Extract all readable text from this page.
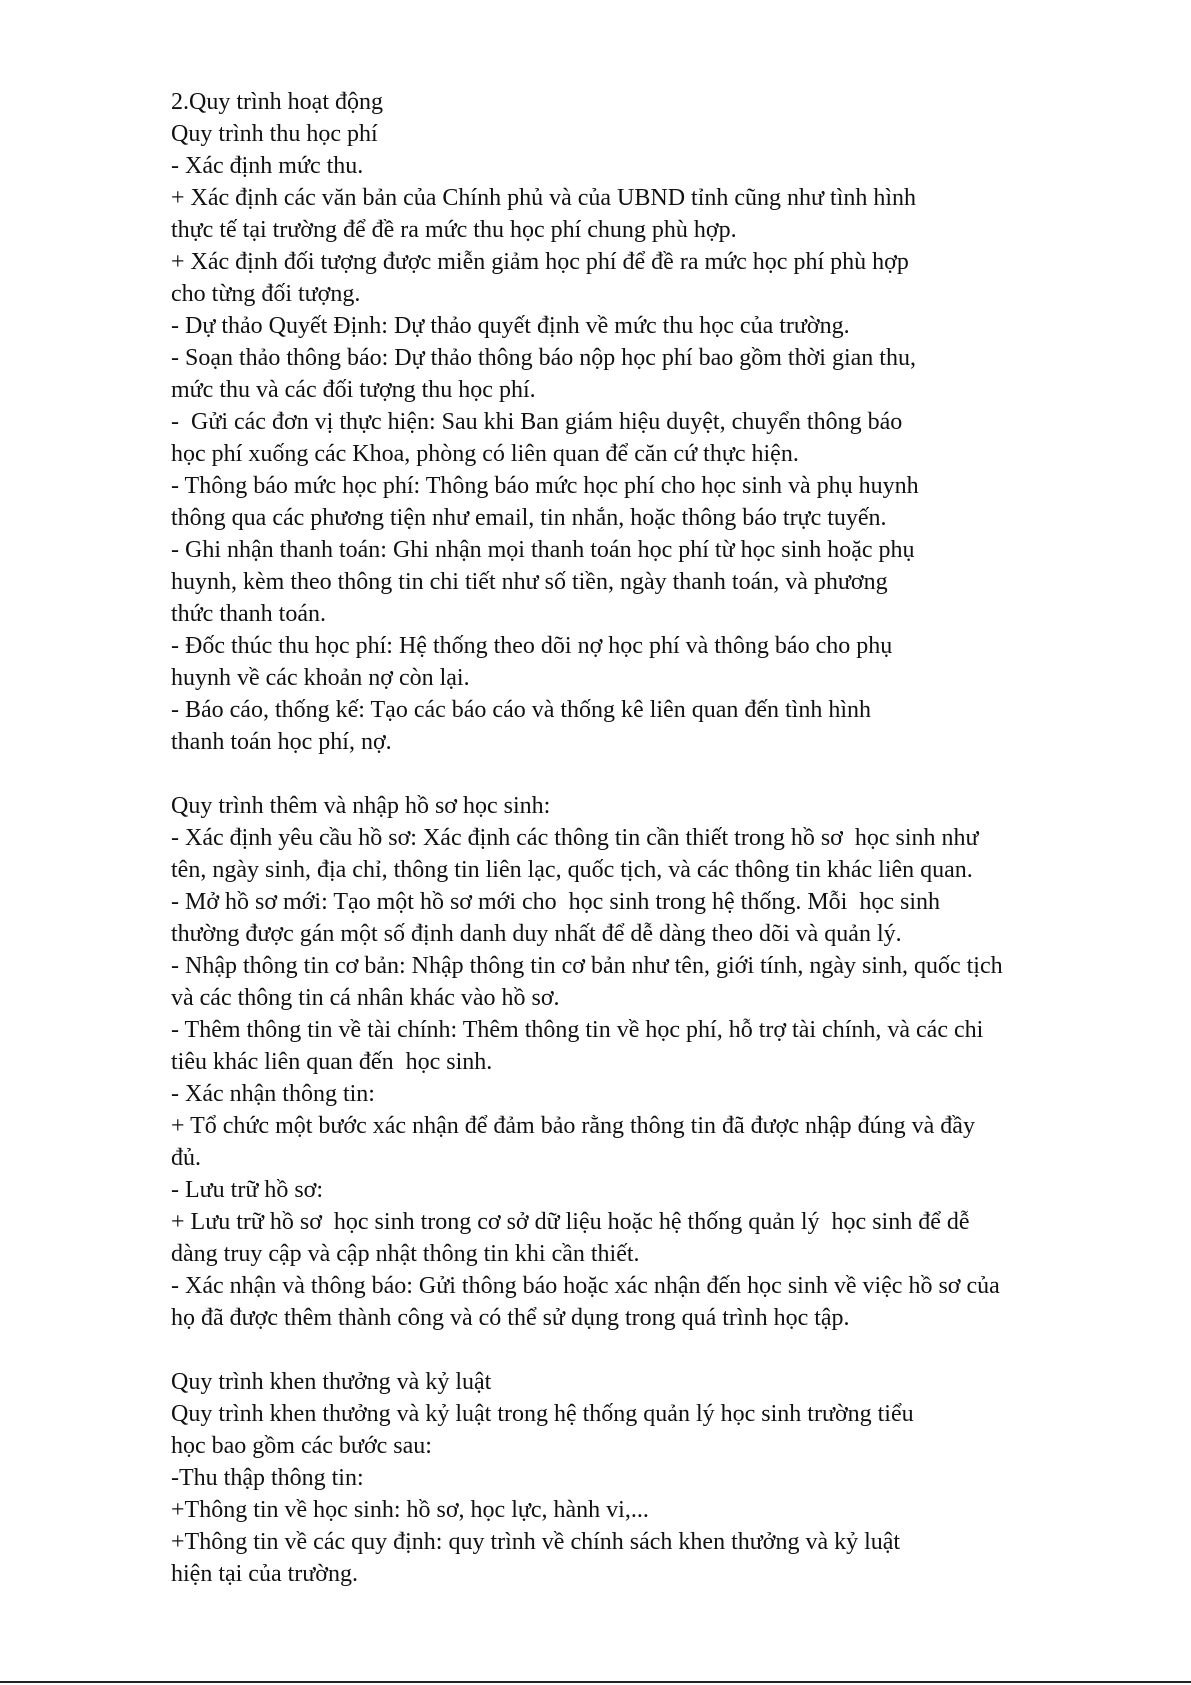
2.Quy trình hoạt động
Quy trình thu học phí
- Xác định mức thu.
+ Xác định các văn bản của Chính phủ và của UBND tỉnh cũng như tình hình
thực tế tại trường để đề ra mức thu học phí chung phù hợp.
+ Xác định đối tượng được miễn giảm học phí để đề ra mức học phí phù hợp
cho từng đối tượng.
- Dự thảo Quyết Định: Dự thảo quyết định về mức thu học của trường.
- Soạn thảo thông báo: Dự thảo thông báo nộp học phí bao gồm thời gian thu,
mức thu và các đối tượng thu học phí.
-  Gửi các đơn vị thực hiện: Sau khi Ban giám hiệu duyệt, chuyển thông báo
học phí xuống các Khoa, phòng có liên quan để căn cứ thực hiện.
- Thông báo mức học phí: Thông báo mức học phí cho học sinh và phụ huynh
thông qua các phương tiện như email, tin nhắn, hoặc thông báo trực tuyến.
- Ghi nhận thanh toán: Ghi nhận mọi thanh toán học phí từ học sinh hoặc phụ
huynh, kèm theo thông tin chi tiết như số tiền, ngày thanh toán, và phương
thức thanh toán.
- Đốc thúc thu học phí: Hệ thống theo dõi nợ học phí và thông báo cho phụ
huynh về các khoản nợ còn lại.
- Báo cáo, thống kế: Tạo các báo cáo và thống kê liên quan đến tình hình
thanh toán học phí, nợ.
Quy trình thêm và nhập hồ sơ học sinh:
- Xác định yêu cầu hồ sơ: Xác định các thông tin cần thiết trong hồ sơ  học sinh như
tên, ngày sinh, địa chỉ, thông tin liên lạc, quốc tịch, và các thông tin khác liên quan.
- Mở hồ sơ mới: Tạo một hồ sơ mới cho  học sinh trong hệ thống. Mỗi  học sinh
thường được gán một số định danh duy nhất để dễ dàng theo dõi và quản lý.
- Nhập thông tin cơ bản: Nhập thông tin cơ bản như tên, giới tính, ngày sinh, quốc tịch
và các thông tin cá nhân khác vào hồ sơ.
- Thêm thông tin về tài chính: Thêm thông tin về học phí, hỗ trợ tài chính, và các chi
tiêu khác liên quan đến  học sinh.
- Xác nhận thông tin:
+ Tổ chức một bước xác nhận để đảm bảo rằng thông tin đã được nhập đúng và đầy
đủ.
- Lưu trữ hồ sơ:
+ Lưu trữ hồ sơ  học sinh trong cơ sở dữ liệu hoặc hệ thống quản lý  học sinh để dễ
dàng truy cập và cập nhật thông tin khi cần thiết.
- Xác nhận và thông báo: Gửi thông báo hoặc xác nhận đến học sinh về việc hồ sơ của
họ đã được thêm thành công và có thể sử dụng trong quá trình học tập.
Quy trình khen thưởng và kỷ luật
Quy trình khen thưởng và kỷ luật trong hệ thống quản lý học sinh trường tiểu
học bao gồm các bước sau:
-Thu thập thông tin:
+Thông tin về học sinh: hồ sơ, học lực, hành vi,...
+Thông tin về các quy định: quy trình về chính sách khen thưởng và kỷ luật
hiện tại của trường.
